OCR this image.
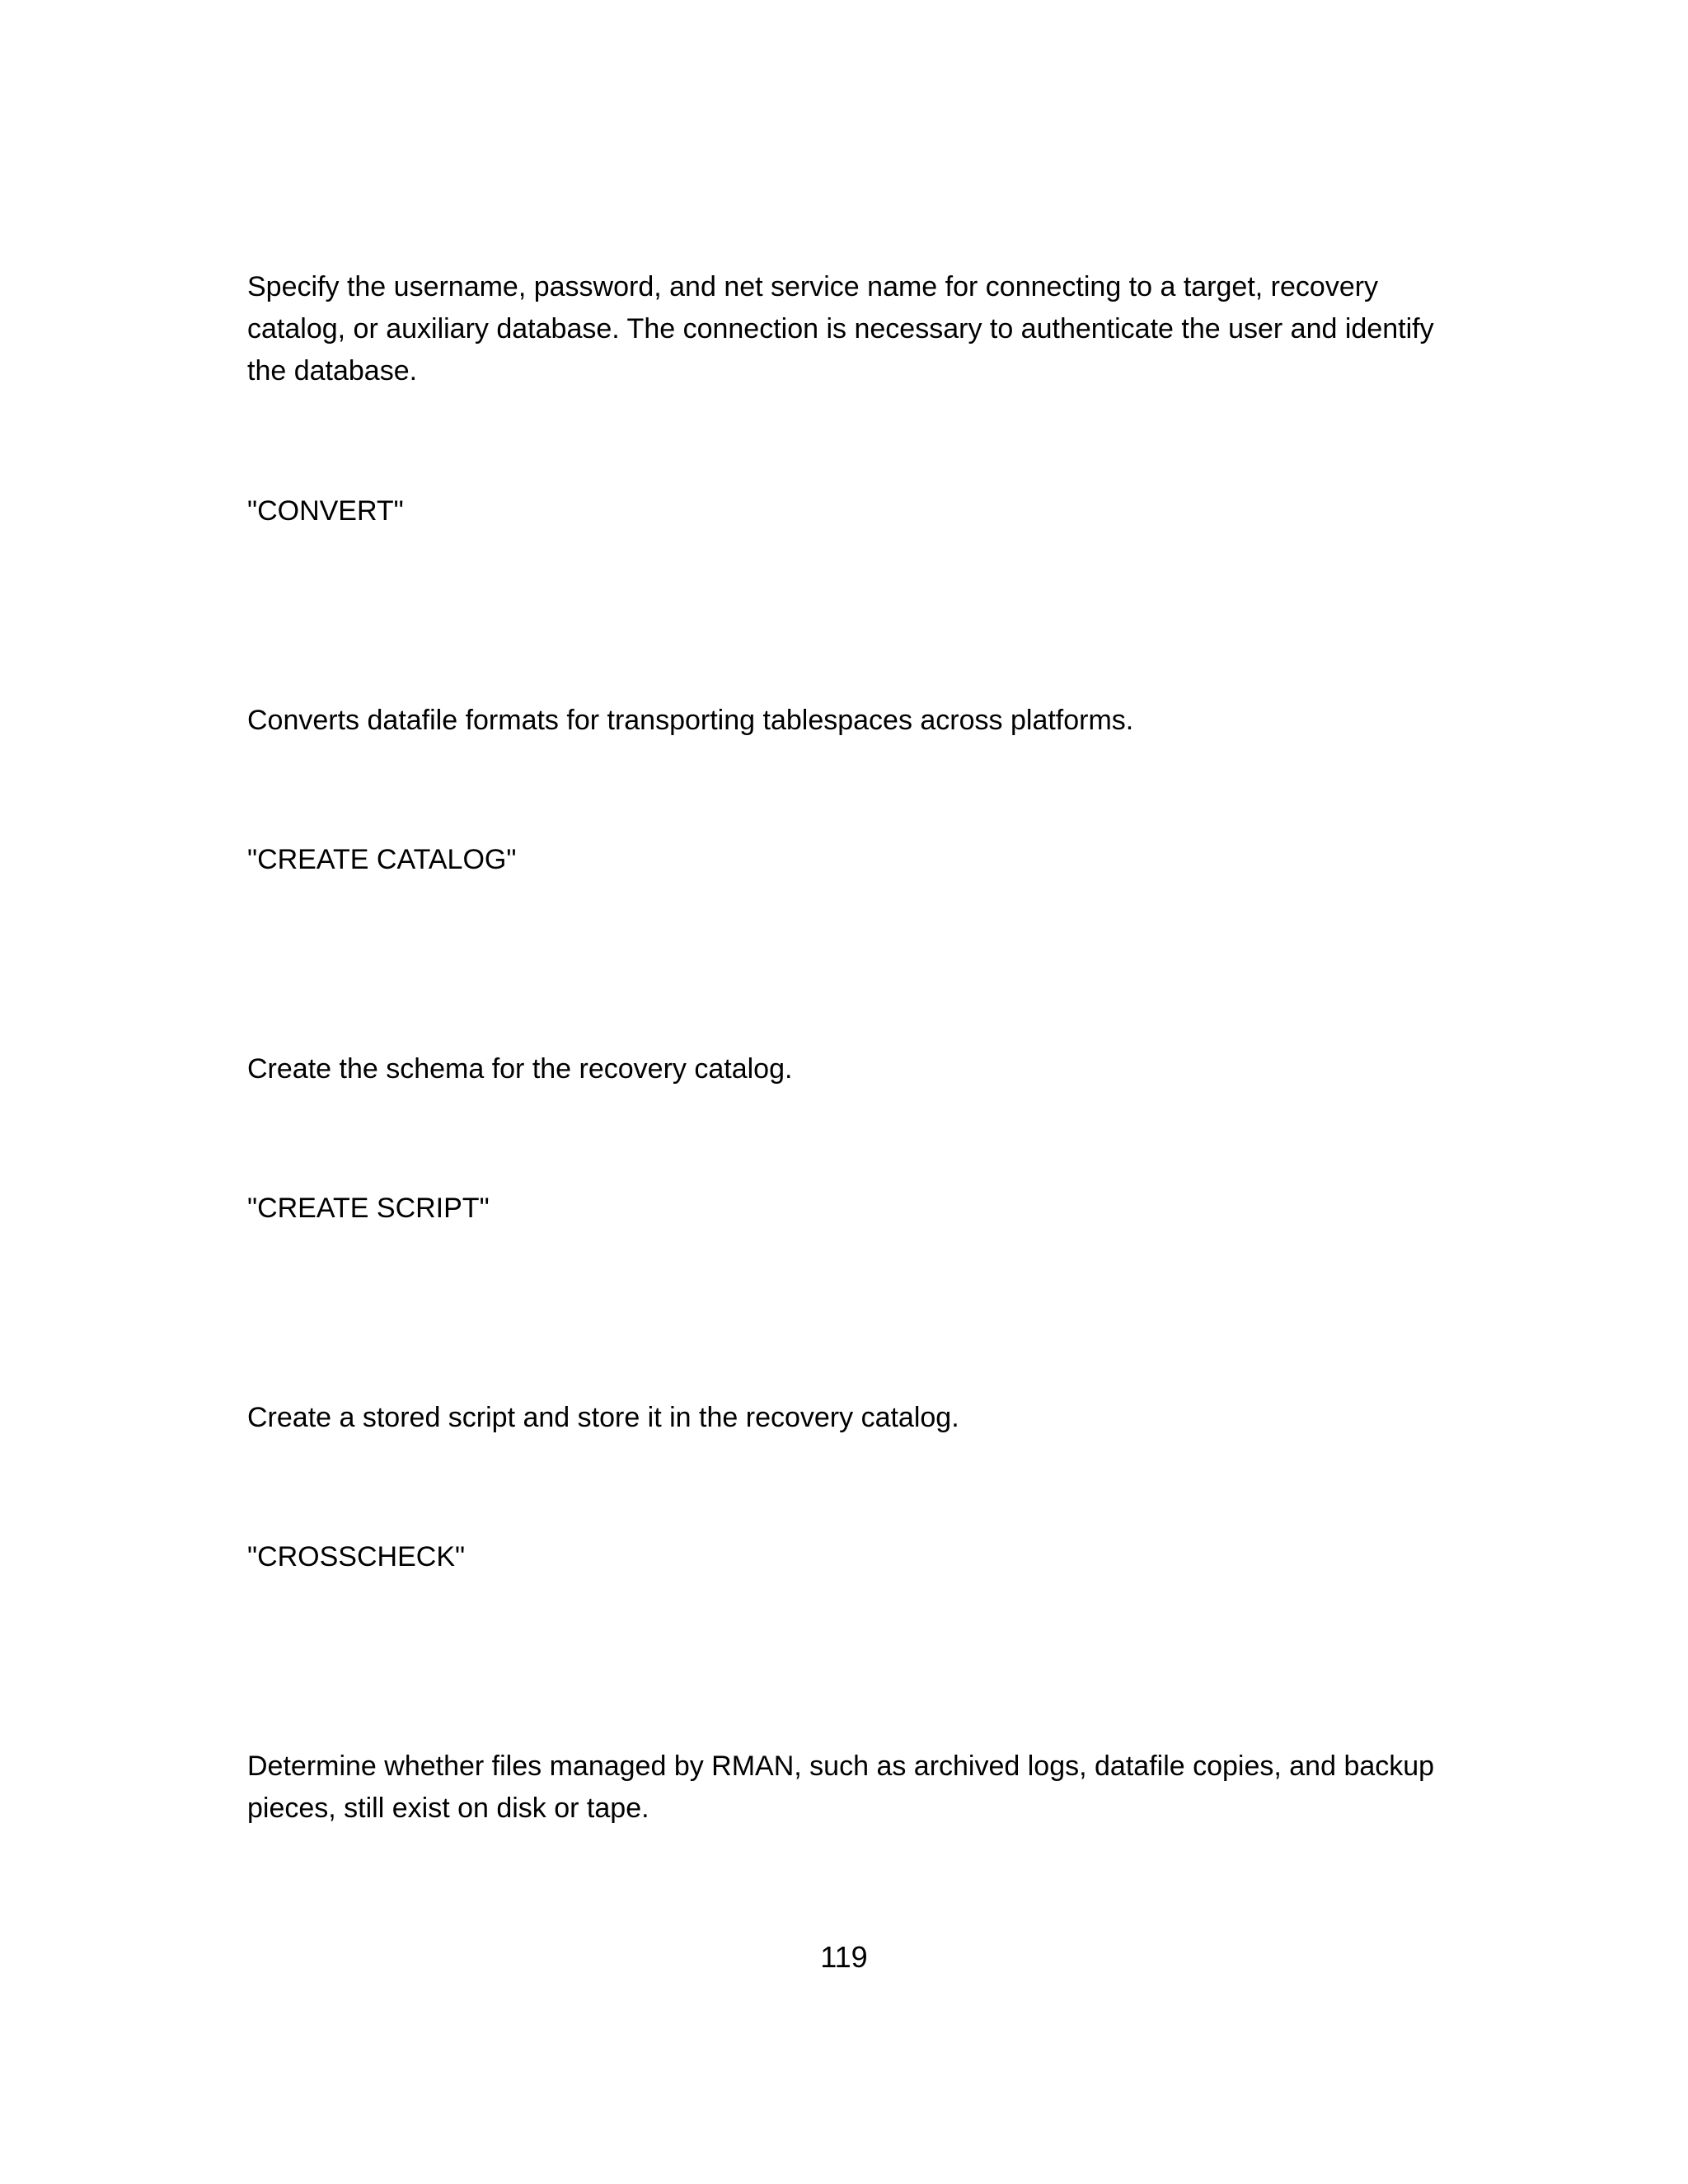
Specify the username, password, and net service name for connecting to a target, recovery catalog, or auxiliary database. The connection is necessary to authenticate the user and identify the database.

"CONVERT"

Converts datafile formats for transporting tablespaces across platforms.

"CREATE CATALOG"

Create the schema for the recovery catalog.

"CREATE SCRIPT"

Create a stored script and store it in the recovery catalog.

"CROSSCHECK"

Determine whether files managed by RMAN, such as archived logs, datafile copies, and backup pieces, still exist on disk or tape.

119
